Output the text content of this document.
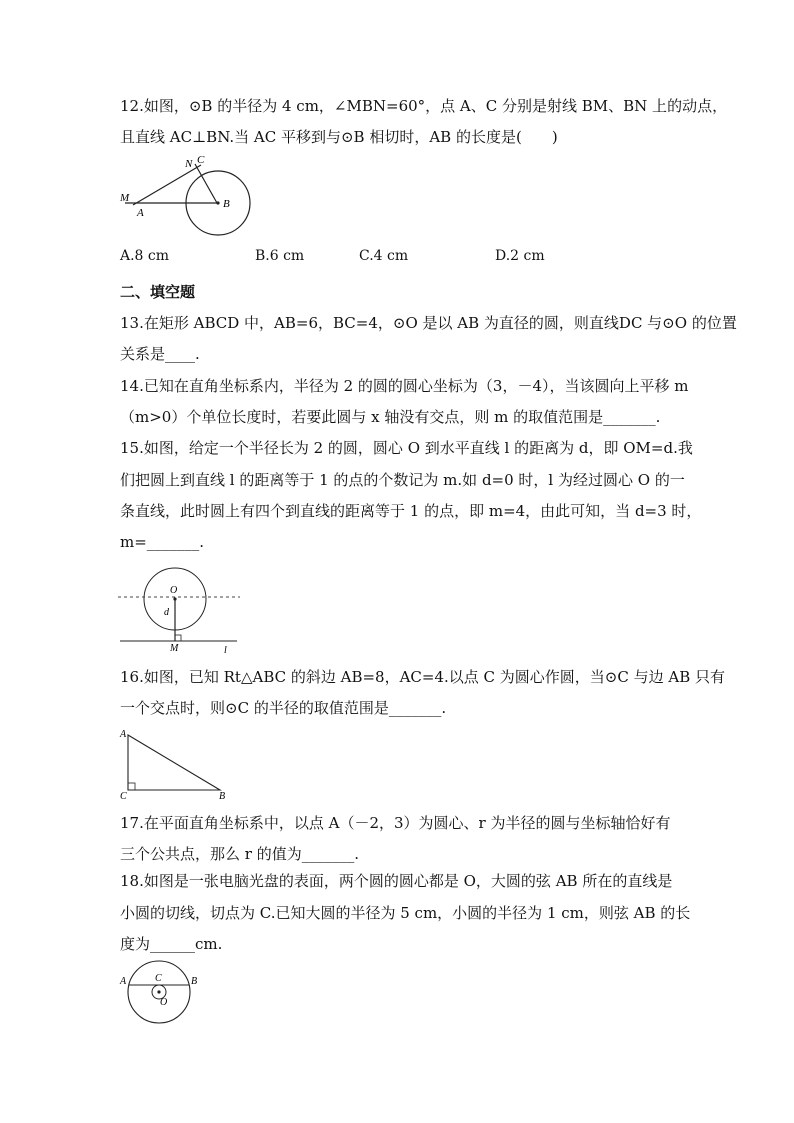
12.如图，⊙B 的半径为 4 cm，∠MBN=60°，点 A、C 分别是射线 BM、BN 上的动点，
且直线 AC⊥BN.当 AC 平移到与⊙B 相切时，AB 的长度是(　　)
N C
M
A
B
A.8 cm	B.6 cm	C.4 cm	D.2 cm
二、填空题
13.在矩形 ABCD 中，AB=6，BC=4，⊙O 是以 AB 为直径的圆，则直线DC 与⊙O 的位置
关系是____.
14.已知在直角坐标系内，半径为 2 的圆的圆心坐标为（3，－4），当该圆向上平移 m
（m>0）个单位长度时，若要此圆与 x 轴没有交点，则 m 的取值范围是_______.
15.如图，给定一个半径长为 2 的圆，圆心 O 到水平直线 l 的距离为 d，即 OM=d.我
们把圆上到直线 l 的距离等于 1 的点的个数记为 m.如 d=0 时，l 为经过圆心 O 的一
条直线，此时圆上有四个到直线的距离等于 1 的点，即 m=4，由此可知，当 d=3 时，
m=_______.
O
d
M	l
16.如图，已知 Rt△ABC 的斜边 AB=8，AC=4.以点 C 为圆心作圆，当⊙C 与边 AB 只有
一个交点时，则⊙C 的半径的取值范围是_______.
A
C	B
17.在平面直角坐标系中，以点 A（－2，3）为圆心、r 为半径的圆与坐标轴恰好有
三个公共点，那么 r 的值为_______.
18.如图是一张电脑光盘的表面，两个圆的圆心都是 O，大圆的弦 AB 所在的直线是
小圆的切线，切点为 C.已知大圆的半径为 5 cm，小圆的半径为 1 cm，则弦 AB 的长
度为______cm.
A	C	B
O
